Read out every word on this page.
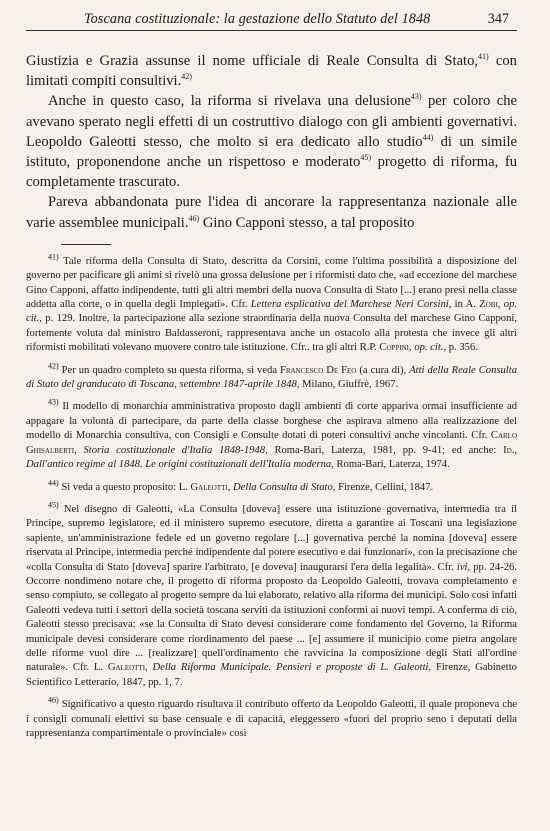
Toscana costituzionale: la gestazione dello Statuto del 1848	347

Giustizia e Grazia assunse il nome ufficiale di Reale Consulta di Stato,$^{41)}$ con limitati compiti consultivi.$^{42)}$

Anche in questo caso, la riforma si rivelava una delusione$^{43)}$ per coloro che avevano sperato negli effetti di un costruttivo dialogo con gli ambienti governativi. Leopoldo Galeotti stesso, che molto si era dedicato allo studio$^{44)}$ di un simile istituto, proponendone anche un rispettoso e moderato$^{45)}$ progetto di riforma, fu completamente trascurato.

Pareva abbandonata pure l'idea di ancorare la rappresentanza nazionale alle varie assemblee municipali.$^{46)}$ Gino Capponi stesso, a tal proposito

$^{41)}$ Tale riforma della Consulta di Stato, descritta da Corsini, come l'ultima possibilità a disposizione del governo per pacificare gli animi si rivelò una grossa delusione per i riformisti dato che, «ad eccezione del marchese Gino Capponi, affatto indipendente, tutti gli altri membri della nuova Consulta di Stato [...] erano presi nella classe addetta alla corte, o in quella degli Impiegati». Cfr. Lettera esplicativa del Marchese Neri Corsini, in A. Zobi, op. cit., p. 129. Inoltre, la partecipazione alla sezione straordinaria della nuova Consulta del marchese Gino Capponi, fortemente voluta dal ministro Baldasseroni, rappresentava anche un ostacolo alla protesta che invece gli altri riformisti mobilitati volevano muovere contro tale istituzione. Cfr.. tra gli altri R.P. Coppini, op. cit., p. 356.

$^{42)}$ Per un quadro completo su questa riforma, si veda Francesco De Feo (a cura di), Atti della Reale Consulta di Stato del granducato di Toscana, settembre 1847-aprile 1848, Milano, Giuffrè, 1967.

$^{43)}$ Il modello di monarchia amministrativa proposto dagli ambienti di corte appariva ormai insufficiente ad appagare la volontà di partecipare, da parte della classe borghese che aspirava almeno alla realizzazione del modello di Monarchia consultiva, con Consigli e Consulte dotati di poteri consultivi anche vincolanti. Cfr. Carlo Ghisalberti, Storia costituzionale d'Italia 1848-1948, Roma-Bari, Laterza, 1981, pp. 9-41; ed anche: Id., Dall'antico regime al 1848. Le origini costituzionali dell'Italia moderna, Roma-Bari, Laterza, 1974.

$^{44)}$ Si veda a questo proposito: L. Galeotti, Della Consulta di Stato, Firenze, Cellini, 1847.

$^{45)}$ Nel disegno di Galeotti, «La Consulta [doveva] essere una istituzione governativa, intermedia tra il Principe, supremo legislatore, ed il ministero supremo esecutore, diretta a garantire ai Toscani una legislazione sapiente, un'amministrazione fedele ed un governo regolare [...] governativa perché la nomina [doveva] essere riservata al Principe, intermedia perché indipendente dal potere esecutivo e dai funzionari», con la precisazione che «colla Consulta di Stato [doveva] sparire l'arbitrato, [e doveva] inaugurarsi l'era della legalità». Cfr. ivi, pp. 24-26. Occorre nondimeno notare che, il progetto di riforma proposto da Leopoldo Galeotti, trovava completamento e senso compiuto, se collegato al progetto sempre da lui elaborato, relativo alla riforma dei municipi. Solo così infatti Galeotti vedeva tutti i settori della società toscana serviti da istituzioni conformi ai nuovi tempi. A conferma di ciò, Galeotti stesso precisava: «se la Consulta di Stato devesi considerare come fondamento del Governo, la Riforma municipale devesi considerare come riordinamento del paese ... [e] assumere il municipio come pietra angolare delle riforme vuol dire ... [realizzare] quell'ordinamento che ravvicina la composizione degli Stati all'ordine naturale». Cfr. L. Galeotti, Della Riforma Municipale. Pensieri e proposte di L. Galeotti, Firenze, Gabinetto Scientifico Letterario, 1847, pp. 1, 7.

$^{46)}$ Significativo a questo riguardo risultava il contributo offerto da Leopoldo Galeotti, il quale proponeva che i consigli comunali elettivi su base censuale e di capacità, eleggessero «fuori del proprio seno i deputati della rappresentanza compartimentale o provinciale» così
